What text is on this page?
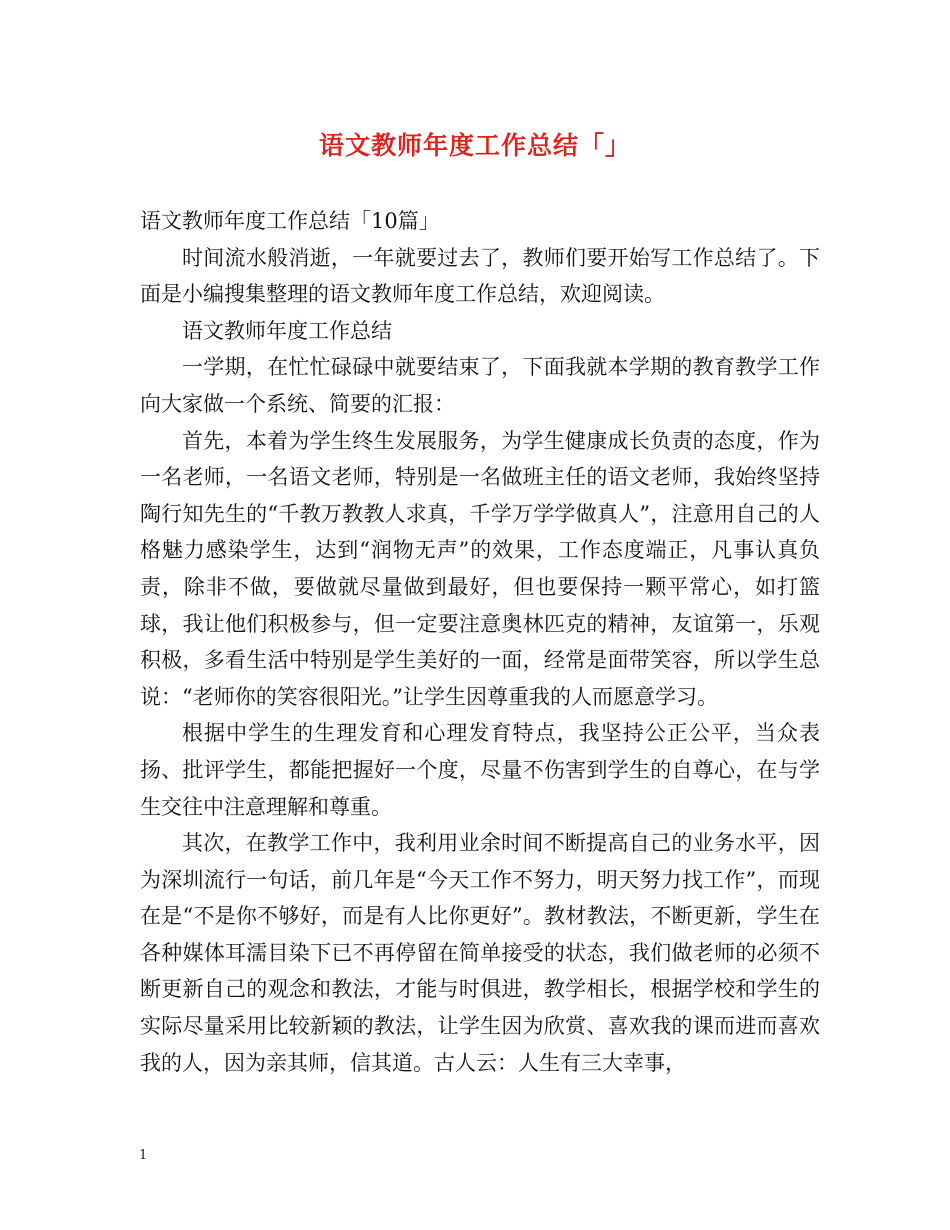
语文教师年度工作总结「」

语文教师年度工作总结「10篇」

时间流水般消逝，一年就要过去了，教师们要开始写工作总结了。下面是小编搜集整理的语文教师年度工作总结，欢迎阅读。

语文教师年度工作总结

一学期，在忙忙碌碌中就要结束了，下面我就本学期的教育教学工作向大家做一个系统、简要的汇报：

首先，本着为学生终生发展服务，为学生健康成长负责的态度，作为一名老师，一名语文老师，特别是一名做班主任的语文老师，我始终坚持陶行知先生的“千教万教教人求真，千学万学学做真人”，注意用自己的人格魅力感染学生，达到“润物无声”的效果，工作态度端正，凡事认真负责，除非不做，要做就尽量做到最好，但也要保持一颗平常心，如打篮球，我让他们积极参与，但一定要注意奥林匹克的精神，友谊第一，乐观积极，多看生活中特别是学生美好的一面，经常是面带笑容，所以学生总说：“老师你的笑容很阳光。”让学生因尊重我的人而愿意学习。

根据中学生的生理发育和心理发育特点，我坚持公正公平，当众表扬、批评学生，都能把握好一个度，尽量不伤害到学生的自尊心，在与学生交往中注意理解和尊重。

其次，在教学工作中，我利用业余时间不断提高自己的业务水平，因为深圳流行一句话，前几年是“今天工作不努力，明天努力找工作”，而现在是“不是你不够好，而是有人比你更好”。教材教法，不断更新，学生在各种媒体耳濡目染下已不再停留在简单接受的状态，我们做老师的必须不断更新自己的观念和教法，才能与时俱进，教学相长，根据学校和学生的实际尽量采用比较新颖的教法，让学生因为欣赏、喜欢我的课而进而喜欢我的人，因为亲其师，信其道。古人云：人生有三大幸事，

1
